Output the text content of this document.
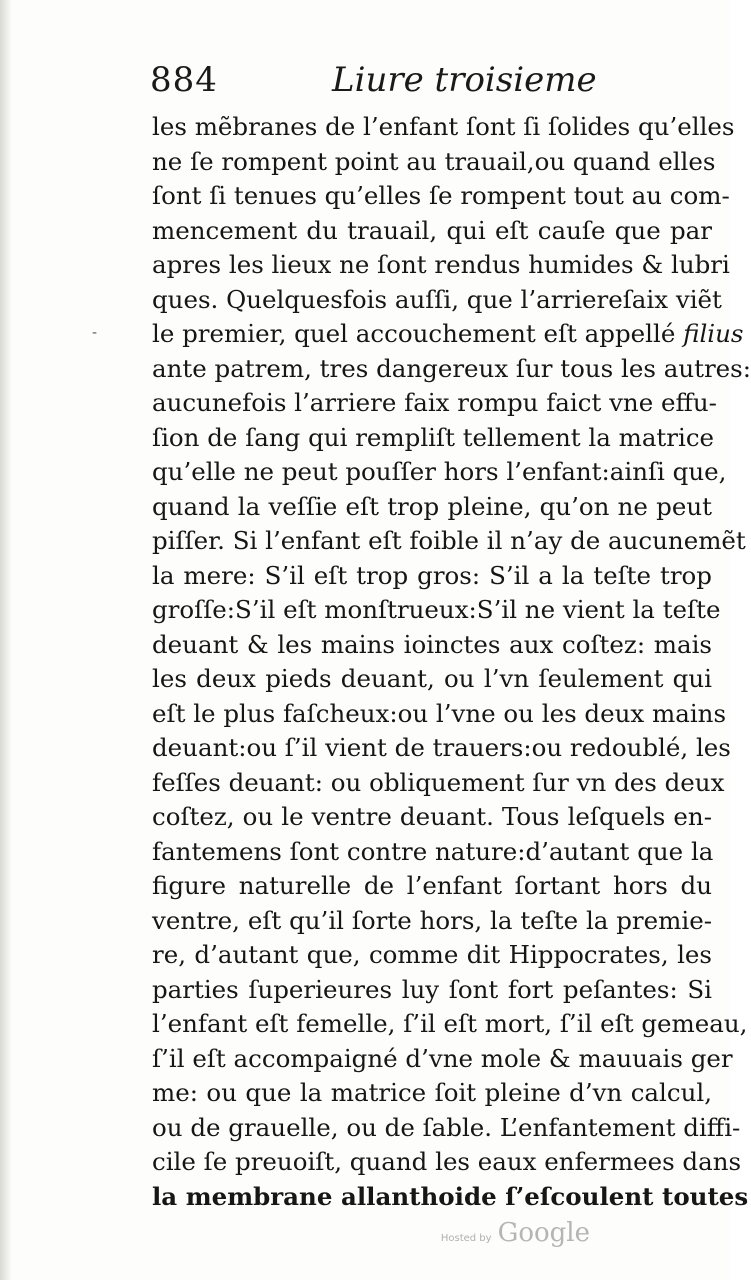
884	Liure troisieme
-
les mẽbranes de l’enfant ſont ſi ſolides qu’elles
ne ſe rompent point au trauail,ou quand elles
ſont ſi tenues qu’elles ſe rompent tout au com-
mencement du trauail, qui eſt cauſe que par
apres les lieux ne ſont rendus humides & lubri
ques. Quelquesfois auſſi, que l’arriereſaix viẽt
le premier, quel accouchement eſt appellé filius
ante patrem, tres dangereux ſur tous les autres:
aucunefois l’arriere faix rompu faict vne effu-
ſion de ſang qui rempliſt tellement la matrice
qu’elle ne peut pouſſer hors l’enfant:ainſi que,
quand la veſſie eſt trop pleine, qu’on ne peut
piſſer. Si l’enfant eſt foible il n’ay de aucunemẽt
la mere: S’il eſt trop gros: S’il a la teſte trop
groſſe:S’il eſt monſtrueux:S’il ne vient la teſte
deuant & les mains ioinctes aux coſtez: mais
les deux pieds deuant, ou l’vn ſeulement qui
eſt le plus faſcheux:ou l’vne ou les deux mains
deuant:ou ſ’il vient de trauers:ou redoublé, les
feſſes deuant: ou obliquement ſur vn des deux
coſtez, ou le ventre deuant. Tous leſquels en-
fantemens ſont contre nature:d’autant que la
figure naturelle de l’enfant ſortant hors du
ventre, eſt qu’il ſorte hors, la teſte la premie-
re, d’autant que, comme dit Hippocrates, les
parties ſuperieures luy ſont fort peſantes: Si
l’enfant eſt femelle, ſ’il eſt mort, ſ’il eſt gemeau,
ſ’il eſt accompaigné d’vne mole & mauuais ger
me: ou que la matrice ſoit pleine d’vn calcul,
ou de grauelle, ou de ſable. L’enfantement diffi-
cile ſe preuoiſt, quand les eaux enfermees dans
la membrane allanthoide ſ’eſcoulent toutes
Hosted by Google
